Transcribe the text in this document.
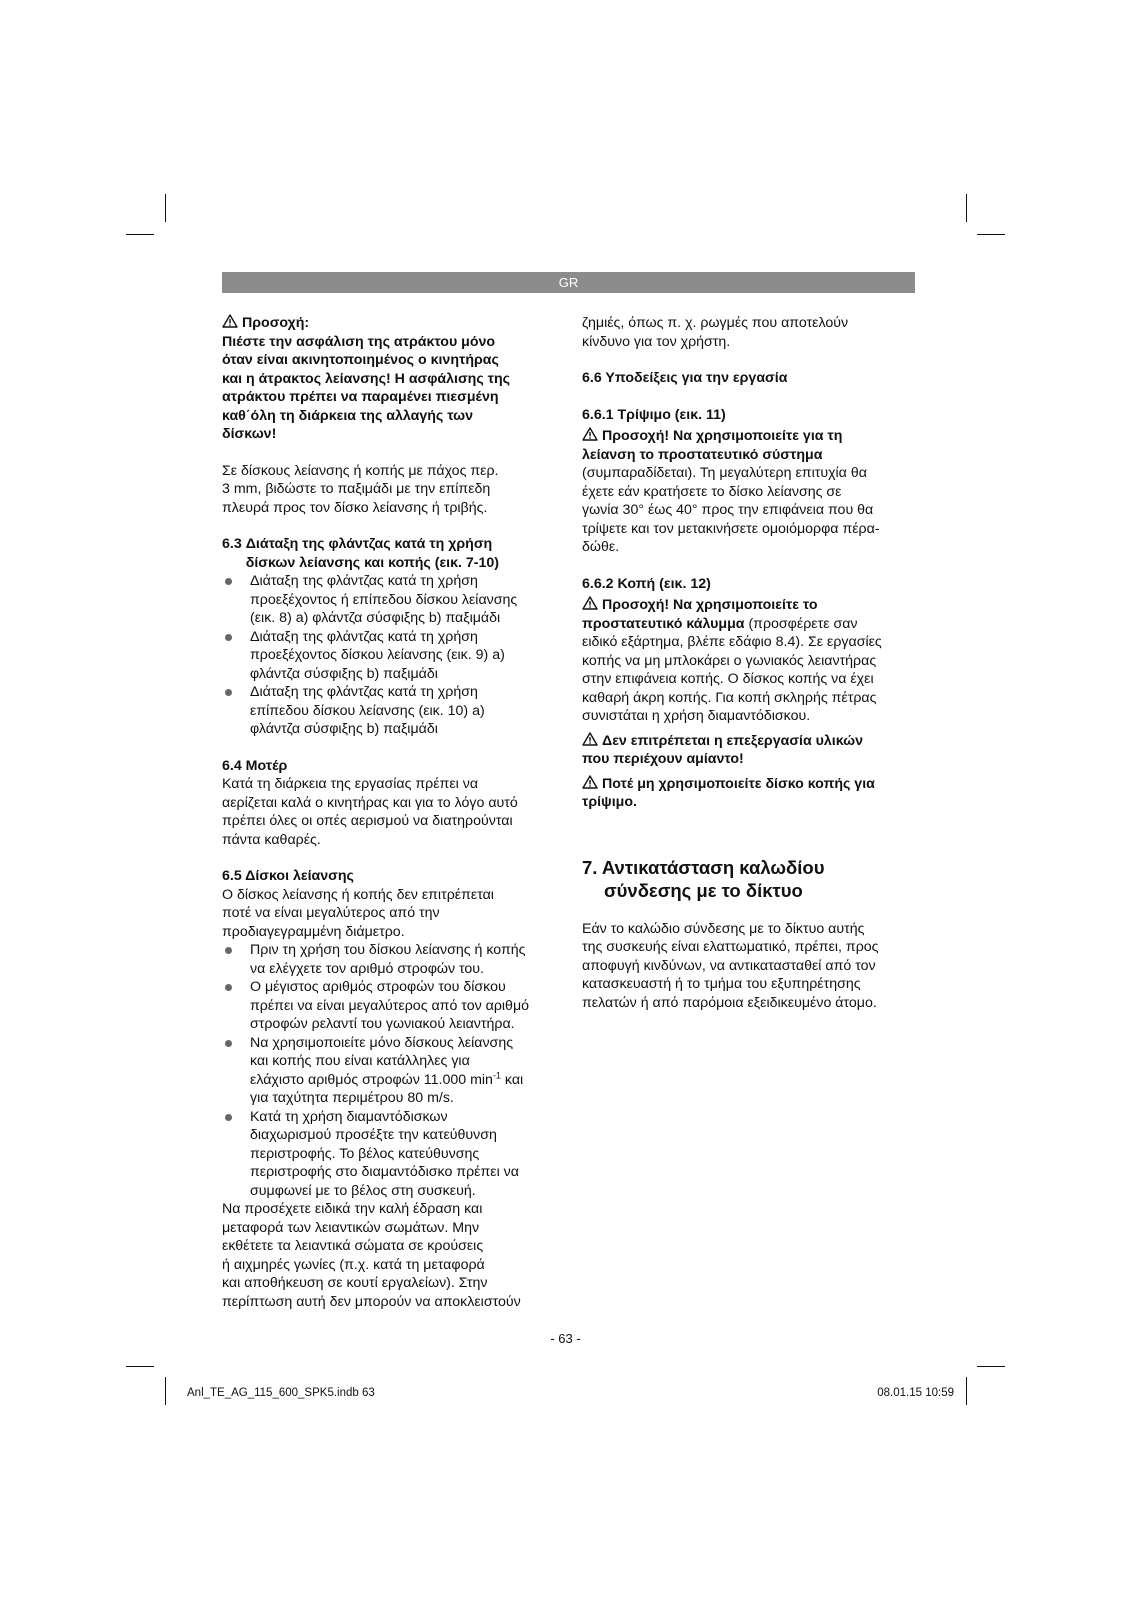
GR
Προσοχή:
Πιέστε την ασφάλιση της ατράκτου μόνο
όταν είναι ακινητοποιημένος ο κινητήρας
και η άτρακτος λείανσης! Η ασφάλισης της
ατράκτου πρέπει να παραμένει πιεσμένη
καθ΄όλη τη διάρκεια της αλλαγής των
δίσκων!
Σε δίσκους λείανσης ή κοπής με πάχος περ.
3 mm, βιδώστε το παξιμάδι με την επίπεδη
πλευρά προς τον δίσκο λείανσης ή τριβής.
6.3 Διάταξη της φλάντζας κατά τη χρήση
δίσκων λείανσης και κοπής (εικ. 7-10)
Διάταξη της φλάντζας κατά τη χρήση
προεξέχοντος ή επίπεδου δίσκου λείανσης
(εικ. 8) a) φλάντζα σύσφιξης b) παξιμάδι
Διάταξη της φλάντζας κατά τη χρήση
προεξέχοντος δίσκου λείανσης (εικ. 9) a)
φλάντζα σύσφιξης b) παξιμάδι
Διάταξη της φλάντζας κατά τη χρήση
επίπεδου δίσκου λείανσης (εικ. 10) a)
φλάντζα σύσφιξης b) παξιμάδι
6.4 Μοτέρ
Κατά τη διάρκεια της εργασίας πρέπει να
αερίζεται καλά ο κινητήρας και για το λόγο αυτό
πρέπει όλες οι οπές αερισμού να διατηρούνται
πάντα καθαρές.
6.5 Δίσκοι λείανσης
Ο δίσκος λείανσης ή κοπής δεν επιτρέπεται
ποτέ να είναι μεγαλύτερος από την
προδιαγεγραμμένη διάμετρο.
Πριν τη χρήση του δίσκου λείανσης ή κοπής
να ελέγχετε τον αριθμό στροφών του.
Ο μέγιστος αριθμός στροφών του δίσκου
πρέπει να είναι μεγαλύτερος από τον αριθμό
στροφών ρελαντί του γωνιακού λειαντήρα.
Να χρησιμοποιείτε μόνο δίσκους λείανσης
και κοπής που είναι κατάλληλες για
ελάχιστο αριθμός στροφών 11.000 $\min^{-1} \kappa\alpha\iota$
για ταχύτητα περιμέτρου 80 m/s.
Κατά τη χρήση διαμαντόδισκων
διαχωρισμού προσέξτε την κατεύθυνση
περιστροφής. Το βέλος κατεύθυνσης
περιστροφής στο διαμαντόδισκο πρέπει να
συμφωνεί με το βέλος στη συσκευή.
Να προσέχετε ειδικά την καλή έδραση και
μεταφορά των λειαντικών σωμάτων. Μην
εκθέτετε τα λειαντικά σώματα σε κρούσεις
ή αιχμηρές γωνίες (π.χ. κατά τη μεταφορά
και αποθήκευση σε κουτί εργαλείων). Στην
περίπτωση αυτή δεν μπορούν να αποκλειστούν
ζημιές, όπως π. χ. ρωγμές που αποτελούν
κίνδυνο για τον χρήστη.
6.6 Υποδείξεις για την εργασία
6.6.1 Τρίψιμο (εικ. 11)
Προσοχή! Να χρησιμοποιείτε για τη
λείανση το προστατευτικό σύστημα
(συμπαραδίδεται). Τη μεγαλύτερη επιτυχία θα
έχετε εάν κρατήσετε το δίσκο λείανσης σε
γωνία 30° έως 40° προς την επιφάνεια που θα
τρίψετε και τον μετακινήσετε ομοιόμορφα πέρα-
δώθε.
6.6.2 Κοπή (εικ. 12)
Προσοχή! Να χρησιμοποιείτε το
προστατευτικό κάλυμμα (προσφέρετε σαν
ειδικό εξάρτημα, βλέπε εδάφιο 8.4). Σε εργασίες
κοπής να μη μπλοκάρει ο γωνιακός λειαντήρας
στην επιφάνεια κοπής. Ο δίσκος κοπής να έχει
καθαρή άκρη κοπής. Για κοπή σκληρής πέτρας
συνιστάται η χρήση διαμαντόδισκου.
Δεν επιτρέπεται η επεξεργασία υλικών
που περιέχουν αμίαντο!
Ποτέ μη χρησιμοποιείτε δίσκο κοπής για
τρίψιμο.
7. Αντικατάσταση καλωδίου
σύνδεσης με το δίκτυο
Εάν το καλώδιο σύνδεσης με το δίκτυο αυτής
της συσκευής είναι ελαττωματικό, πρέπει, προς
αποφυγή κινδύνων, να αντικατασταθεί από τον
κατασκευαστή ή το τμήμα του εξυπηρέτησης
πελατών ή από παρόμοια εξειδικευμένο άτομο.
- 63 -
Anl_TE_AG_115_600_SPK5.indb 63	08.01.15 10:59
